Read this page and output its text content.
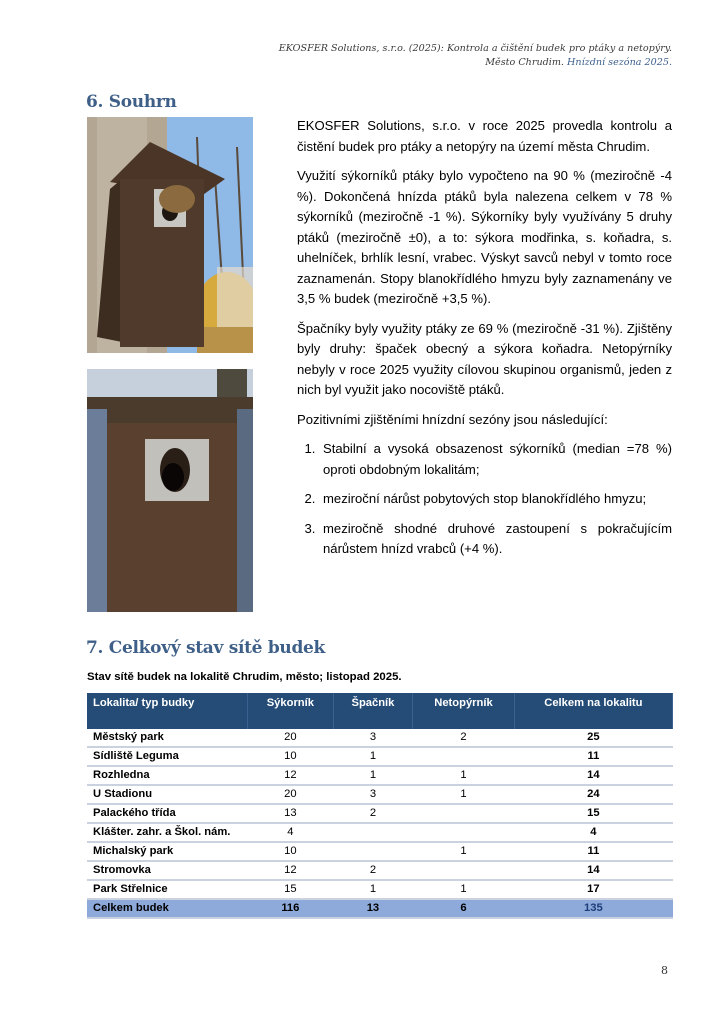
EKOSFER Solutions, s.r.o. (2025): Kontrola a čištění budek pro ptáky a netopýry.
Město Chrudim. Hnízdní sezóna 2025.
6. Souhrn

EKOSFER Solutions, s.r.o. v roce 2025 provedla kontrolu a čistění budek pro ptáky a netopýry na území města Chrudim.

Využití sýkorníků ptáky bylo vypočteno na 90 % (meziročně -4 %). Dokončená hnízda ptáků byla nalezena celkem v 78 % sýkorníků (meziročně -1 %). Sýkorníky byly využívány 5 druhy ptáků (meziročně ±0), a to: sýkora modřinka, s. koňadra, s. uhelníček, brhlík lesní, vrabec. Výskyt savců nebyl v tomto roce zaznamenán. Stopy blanokřídlého hmyzu byly zaznamenány ve 3,5 % budek (meziročně +3,5 %).

Špačníky byly využity ptáky ze 69 % (meziročně -31 %). Zjištěny byly druhy: špaček obecný a sýkora koňadra. Netopýrníky nebyly v roce 2025 využity cílovou skupinou organismů, jeden z nich byl využit jako nocoviště ptáků.

Pozitivními zjištěními hnízdní sezóny jsou následující:

1. Stabilní a vysoká obsazenost sýkorníků (median =78 %) oproti obdobným lokalitám;
2. meziroční nárůst pobytových stop blanokřídlého hmyzu;
3. meziročně shodné druhové zastoupení s pokračujícím nárůstem hnízd vrabců (+4 %).
7. Celkový stav sítě budek
Stav sítě budek na lokalitě Chrudim, město; listopad 2025.
Lokalita/ typ budky	Sýkorník	Špačník	Netopýrník	Celkem na lokalitu
Městský park	20	3	2	25
Sídliště Leguma	10	1		11
Rozhledna	12	1	1	14
U Stadionu	20	3	1	24
Palackého třída	13	2		15
Klášter. zahr. a Škol. nám.	4			4
Michalský park	10		1	11
Stromovka	12	2		14
Park Střelnice	15	1	1	17
Celkem budek	116	13	6	135
8
